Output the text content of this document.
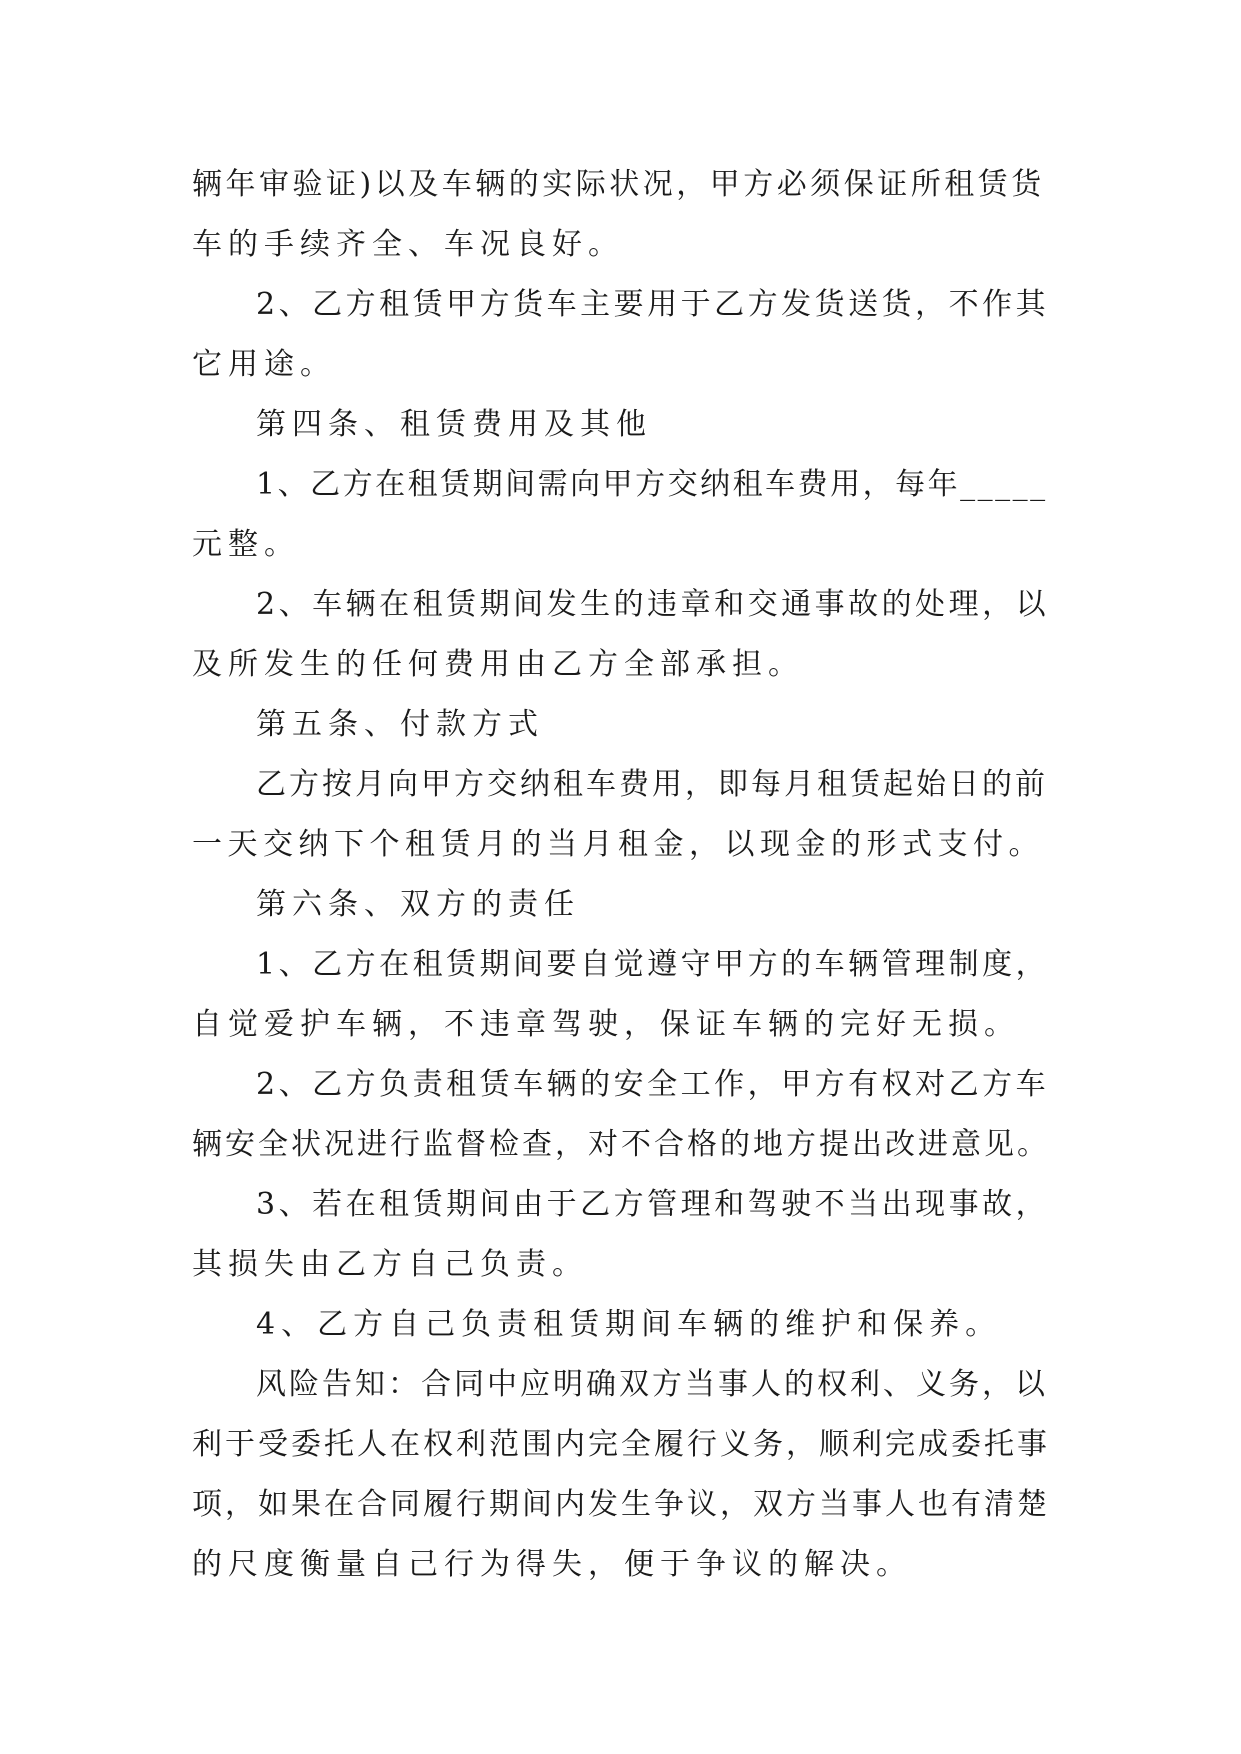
辆年审验证)以及车辆的实际状况，甲方必须保证所租赁货
车的手续齐全、车况良好。
2、乙方租赁甲方货车主要用于乙方发货送货，不作其
它用途。
第四条、租赁费用及其他
1、乙方在租赁期间需向甲方交纳租车费用，每年_____
元整。
2、车辆在租赁期间发生的违章和交通事故的处理，以
及所发生的任何费用由乙方全部承担。
第五条、付款方式
乙方按月向甲方交纳租车费用，即每月租赁起始日的前
一天交纳下个租赁月的当月租金，以现金的形式支付。
第六条、双方的责任
1、乙方在租赁期间要自觉遵守甲方的车辆管理制度，
自觉爱护车辆，不违章驾驶，保证车辆的完好无损。
2、乙方负责租赁车辆的安全工作，甲方有权对乙方车
辆安全状况进行监督检查，对不合格的地方提出改进意见。
3、若在租赁期间由于乙方管理和驾驶不当出现事故，
其损失由乙方自己负责。
4、乙方自己负责租赁期间车辆的维护和保养。
风险告知：合同中应明确双方当事人的权利、义务，以
利于受委托人在权利范围内完全履行义务，顺利完成委托事
项，如果在合同履行期间内发生争议，双方当事人也有清楚
的尺度衡量自己行为得失，便于争议的解决。
